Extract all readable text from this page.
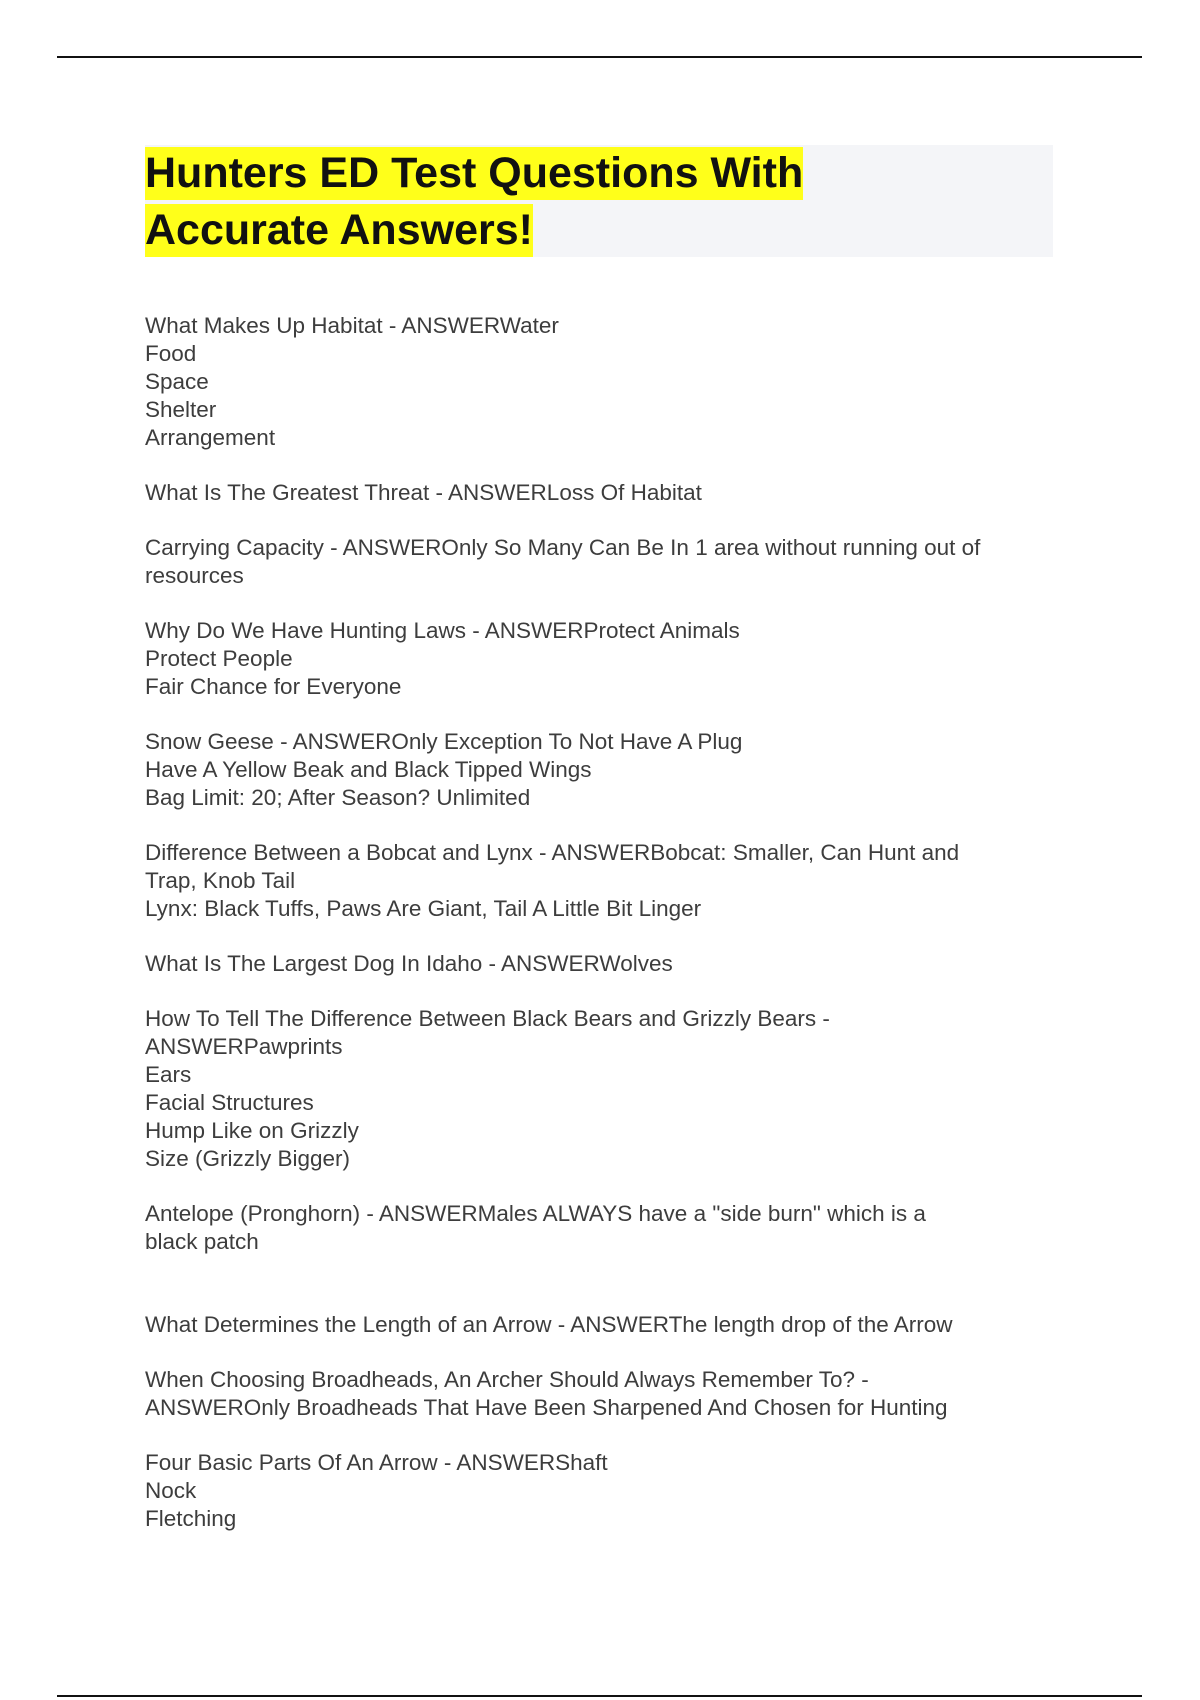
Hunters ED Test Questions With
Accurate Answers!
What Makes Up Habitat - ANSWERWater
Food
Space
Shelter
Arrangement
What Is The Greatest Threat - ANSWERLoss Of Habitat
Carrying Capacity - ANSWEROnly So Many Can Be In 1 area without running out of
resources
Why Do We Have Hunting Laws - ANSWERProtect Animals
Protect People
Fair Chance for Everyone
Snow Geese - ANSWEROnly Exception To Not Have A Plug
Have A Yellow Beak and Black Tipped Wings
Bag Limit: 20; After Season? Unlimited
Difference Between a Bobcat and Lynx - ANSWERBobcat: Smaller, Can Hunt and
Trap, Knob Tail
Lynx: Black Tuffs, Paws Are Giant, Tail A Little Bit Linger
What Is The Largest Dog In Idaho - ANSWERWolves
How To Tell The Difference Between Black Bears and Grizzly Bears -
ANSWERPawprints
Ears
Facial Structures
Hump Like on Grizzly
Size (Grizzly Bigger)
Antelope (Pronghorn) - ANSWERMales ALWAYS have a "side burn" which is a
black patch
What Determines the Length of an Arrow - ANSWERThe length drop of the Arrow
When Choosing Broadheads, An Archer Should Always Remember To? -
ANSWEROnly Broadheads That Have Been Sharpened And Chosen for Hunting
Four Basic Parts Of An Arrow - ANSWERShaft
Nock
Fletching
